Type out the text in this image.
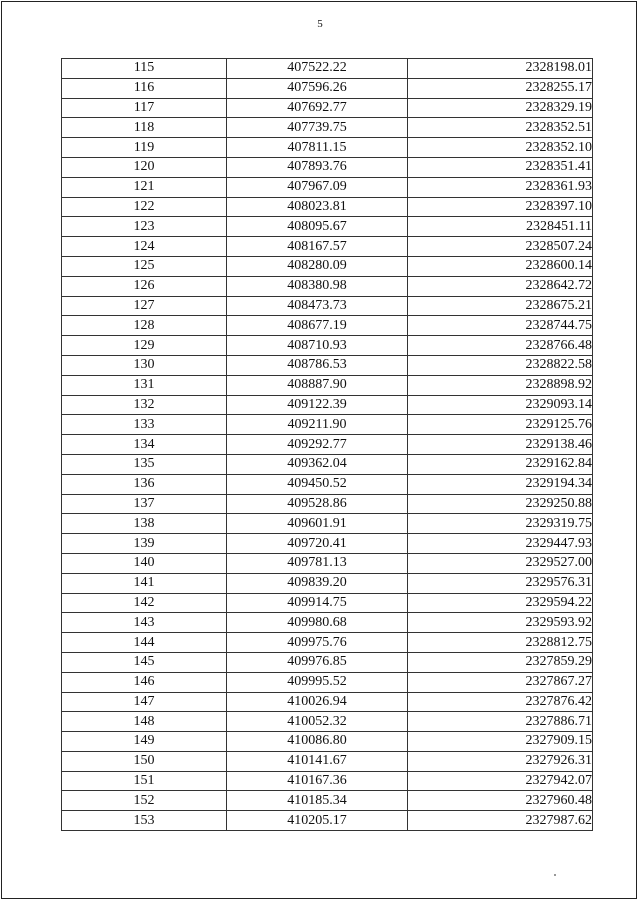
5
115	407522.22	2328198.01
116	407596.26	2328255.17
117	407692.77	2328329.19
118	407739.75	2328352.51
119	407811.15	2328352.10
120	407893.76	2328351.41
121	407967.09	2328361.93
122	408023.81	2328397.10
123	408095.67	2328451.11
124	408167.57	2328507.24
125	408280.09	2328600.14
126	408380.98	2328642.72
127	408473.73	2328675.21
128	408677.19	2328744.75
129	408710.93	2328766.48
130	408786.53	2328822.58
131	408887.90	2328898.92
132	409122.39	2329093.14
133	409211.90	2329125.76
134	409292.77	2329138.46
135	409362.04	2329162.84
136	409450.52	2329194.34
137	409528.86	2329250.88
138	409601.91	2329319.75
139	409720.41	2329447.93
140	409781.13	2329527.00
141	409839.20	2329576.31
142	409914.75	2329594.22
143	409980.68	2329593.92
144	409975.76	2328812.75
145	409976.85	2327859.29
146	409995.52	2327867.27
147	410026.94	2327876.42
148	410052.32	2327886.71
149	410086.80	2327909.15
150	410141.67	2327926.31
151	410167.36	2327942.07
152	410185.34	2327960.48
153	410205.17	2327987.62
